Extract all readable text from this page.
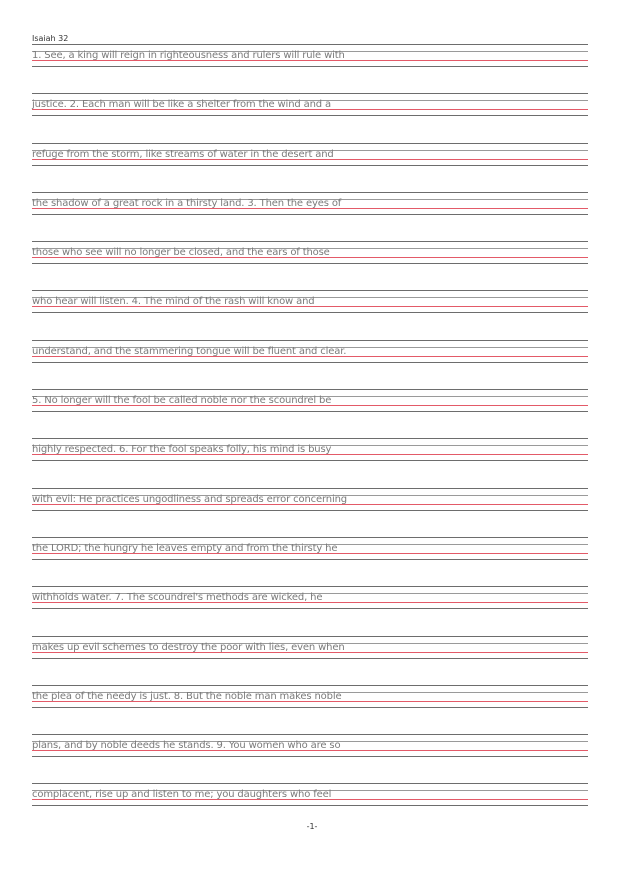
Isaiah 32
1. See, a king will reign in righteousness and rulers will rule with
justice. 2. Each man will be like a shelter from the wind and a
refuge from the storm, like streams of water in the desert and
the shadow of a great rock in a thirsty land. 3. Then the eyes of
those who see will no longer be closed, and the ears of those
who hear will listen. 4. The mind of the rash will know and
understand, and the stammering tongue will be fluent and clear.
5. No longer will the fool be called noble nor the scoundrel be
highly respected. 6. For the fool speaks folly, his mind is busy
with evil: He practices ungodliness and spreads error concerning
the LORD; the hungry he leaves empty and from the thirsty he
withholds water. 7. The scoundrel's methods are wicked, he
makes up evil schemes to destroy the poor with lies, even when
the plea of the needy is just. 8. But the noble man makes noble
plans, and by noble deeds he stands. 9. You women who are so
complacent, rise up and listen to me; you daughters who feel
-1-
